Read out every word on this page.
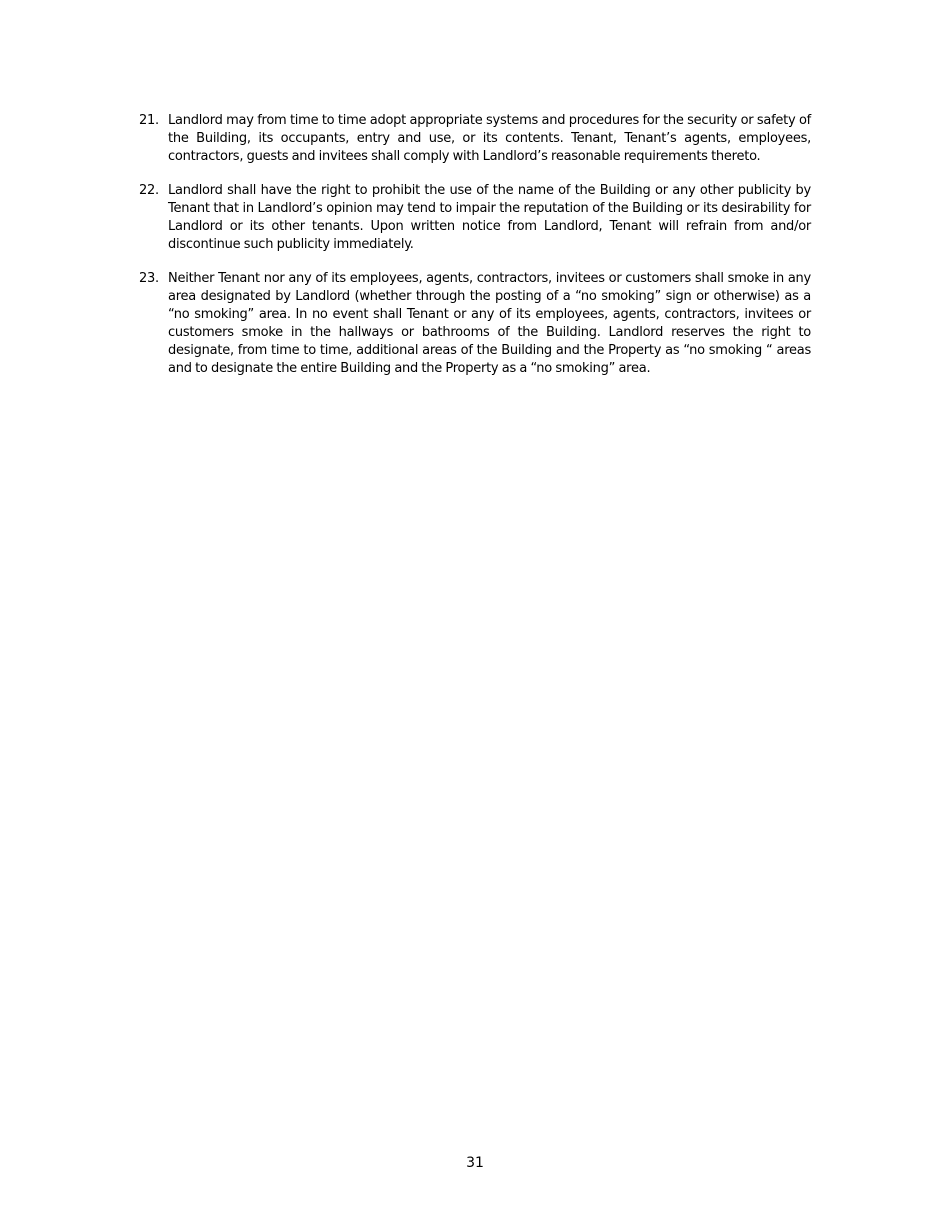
21. Landlord may from time to time adopt appropriate systems and procedures for the security or safety of the Building, its occupants, entry and use, or its contents. Tenant, Tenant’s agents, employees, contractors, guests and invitees shall comply with Landlord’s reasonable requirements thereto.
22. Landlord shall have the right to prohibit the use of the name of the Building or any other publicity by Tenant that in Landlord’s opinion may tend to impair the reputation of the Building or its desirability for Landlord or its other tenants. Upon written notice from Landlord, Tenant will refrain from and/or discontinue such publicity immediately.
23. Neither Tenant nor any of its employees, agents, contractors, invitees or customers shall smoke in any area designated by Landlord (whether through the posting of a “no smoking” sign or otherwise) as a “no smoking” area. In no event shall Tenant or any of its employees, agents, contractors, invitees or customers smoke in the hallways or bathrooms of the Building. Landlord reserves the right to designate, from time to time, additional areas of the Building and the Property as “no smoking “ areas and to designate the entire Building and the Property as a “no smoking” area.
31
